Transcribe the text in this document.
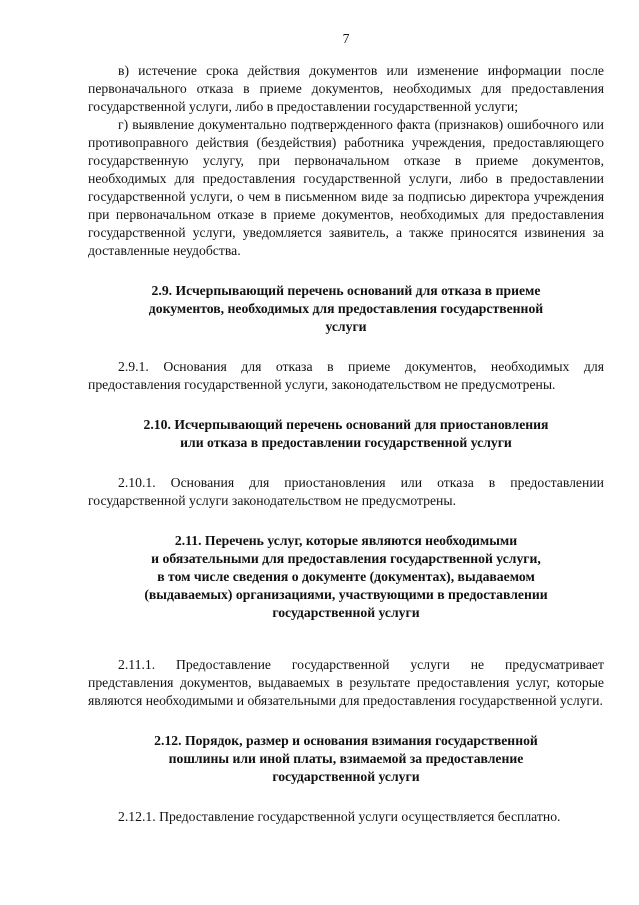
7

в) истечение срока действия документов или изменение информации после первоначального отказа в приеме документов, необходимых для предоставления государственной услуги, либо в предоставлении государственной услуги;

г) выявление документально подтвержденного факта (признаков) ошибочного или противоправного действия (бездействия) работника учреждения, предоставляющего государственную услугу, при первоначальном отказе в приеме документов, необходимых для предоставления государственной услуги, либо в предоставлении государственной услуги, о чем в письменном виде за подписью директора учреждения при первоначальном отказе в приеме документов, необходимых для предоставления государственной услуги, уведомляется заявитель, а также приносятся извинения за доставленные неудобства.

2.9. Исчерпывающий перечень оснований для отказа в приеме
документов, необходимых для предоставления государственной
услуги

2.9.1. Основания для отказа в приеме документов, необходимых для предоставления государственной услуги, законодательством не предусмотрены.

2.10. Исчерпывающий перечень оснований для приостановления
или отказа в предоставлении государственной услуги

2.10.1. Основания для приостановления или отказа в предоставлении государственной услуги законодательством не предусмотрены.

2.11. Перечень услуг, которые являются необходимыми
и обязательными для предоставления государственной услуги,
в том числе сведения о документе (документах), выдаваемом
(выдаваемых) организациями, участвующими в предоставлении
государственной услуги

2.11.1. Предоставление государственной услуги не предусматривает представления документов, выдаваемых в результате предоставления услуг, которые являются необходимыми и обязательными для предоставления государственной услуги.

2.12. Порядок, размер и основания взимания государственной
пошлины или иной платы, взимаемой за предоставление
государственной услуги

2.12.1. Предоставление государственной услуги осуществляется бесплатно.
